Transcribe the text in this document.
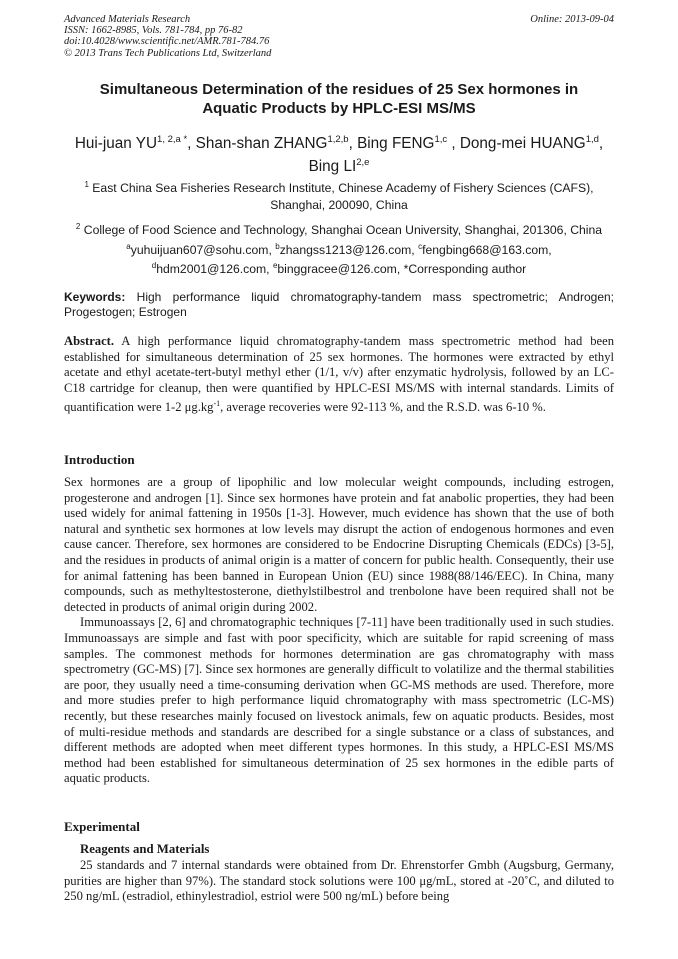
Advanced Materials Research
ISSN: 1662-8985, Vols. 781-784, pp 76-82
doi:10.4028/www.scientific.net/AMR.781-784.76
© 2013 Trans Tech Publications Ltd, Switzerland
Online: 2013-09-04
Simultaneous Determination of the residues of 25 Sex hormones in
Aquatic Products by HPLC-ESI MS/MS
Hui-juan $YU^{1, 2,a *}$, Shan-shan ZHANG$^{1,2,b}$, Bing FENG$^{1,c}$ , Dong-mei HUANG$^{1,d}$,
Bing LI$^{2,e}$
$^1$ East China Sea Fisheries Research Institute, Chinese Academy of Fishery Sciences (CAFS),
Shanghai, 200090, China
$^2$ College of Food Science and Technology, Shanghai Ocean University, Shanghai, 201306, China
$^a$yuhuijuan607@sohu.com, $^b$zhangss1213@126.com, $^c$fengbing668@163.com,
$^d$hdm2001@126.com, $^e$binggracee@126.com, *Corresponding author
Keywords: High performance liquid chromatography-tandem mass spectrometric; Androgen; Progestogen; Estrogen
Abstract. A high performance liquid chromatography-tandem mass spectrometric method had been established for simultaneous determination of 25 sex hormones. The hormones were extracted by ethyl acetate and ethyl acetate-tert-butyl methyl ether (1/1, v/v) after enzymatic hydrolysis, followed by an LC-C18 cartridge for cleanup, then were quantified by HPLC-ESI MS/MS with internal standards. Limits of quantification were 1-2 $\mu g.kg^{-1}$, average recoveries were 92-113 %, and the R.S.D. was 6-10 %.
Introduction

Sex hormones are a group of lipophilic and low molecular weight compounds, including estrogen, progesterone and androgen [1]. Since sex hormones have protein and fat anabolic properties, they had been used widely for animal fattening in 1950s [1-3]. However, much evidence has shown that the use of both natural and synthetic sex hormones at low levels may disrupt the action of endogenous hormones and even cause cancer. Therefore, sex hormones are considered to be Endocrine Disrupting Chemicals (EDCs) [3-5], and the residues in products of animal origin is a matter of concern for public health. Consequently, their use for animal fattening has been banned in European Union (EU) since 1988(88/146/EEC). In China, many compounds, such as methyltestosterone, diethylstilbestrol and trenbolone have been required shall not be detected in products of animal origin during 2002.

Immunoassays [2, 6] and chromatographic techniques [7-11] have been traditionally used in such studies. Immunoassays are simple and fast with poor specificity, which are suitable for rapid screening of mass samples. The commonest methods for hormones determination are gas chromatography with mass spectrometry (GC-MS) [7]. Since sex hormones are generally difficult to volatilize and the thermal stabilities are poor, they usually need a time-consuming derivation when GC-MS methods are used. Therefore, more and more studies prefer to high performance liquid chromatography with mass spectrometric (LC-MS) recently, but these researches mainly focused on livestock animals, few on aquatic products. Besides, most of multi-residue methods and standards are described for a single substance or a class of substances, and different methods are adopted when meet different types hormones. In this study, a HPLC-ESI MS/MS method had been established for simultaneous determination of 25 sex hormones in the edible parts of aquatic products.

Experimental
Reagents and Materials

25 standards and 7 internal standards were obtained from Dr. Ehrenstorfer Gmbh (Augsburg, Germany, purities are higher than 97%). The standard stock solutions were 100 μg/mL, stored at -20˚C, and diluted to 250 ng/mL (estradiol, ethinylestradiol, estriol were 500 ng/mL) before being
